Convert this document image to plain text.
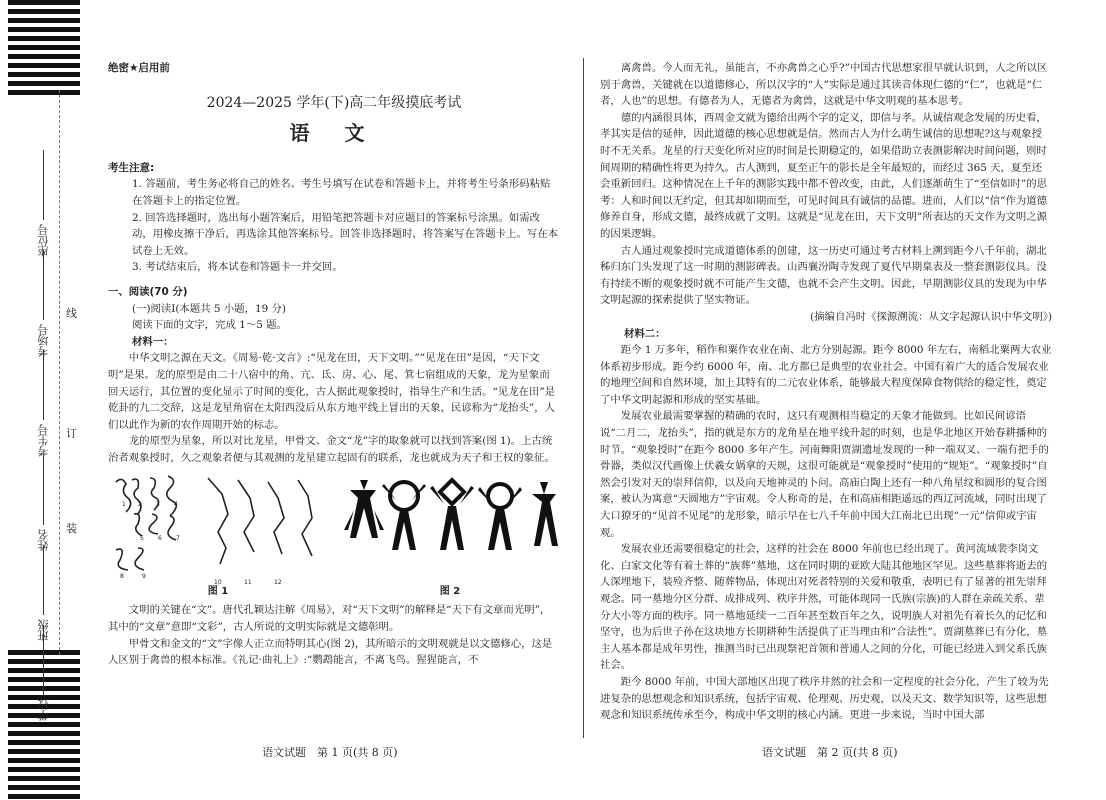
座位号
考场号
考生号
姓名
班级
学校
线
订
装
绝密★启用前
2024—2025 学年(下)高二年级摸底考试
语 文
考生注意:

1. 答题前，考生务必将自己的姓名、考生号填写在试卷和答题卡上，并将考生号条形码粘贴在答题卡上的指定位置。

2. 回答选择题时，选出每小题答案后，用铅笔把答题卡对应题目的答案标号涂黑。如需改动，用橡皮擦干净后，再选涂其他答案标号。回答非选择题时，将答案写在答题卡上。写在本试卷上无效。

3. 考试结束后，将本试卷和答题卡一并交回。

一、阅读(70 分)

(一)阅读Ⅰ(本题共 5 小题，19 分)

阅读下面的文字，完成 1～5 题。

材料一：

中华文明之源在天文。《周易·乾·文言》:“见龙在田，天下文明。”“见龙在田”是因，“天下文明”是果。龙的原型是由二十八宿中的角、亢、氐、房、心、尾、箕七宿组成的天象，龙为星象而回天运行，其位置的变化显示了时间的变化，古人据此观象授时，指导生产和生活。“见龙在田”是乾卦的九二交辞，这是龙星角宿在太阳西没后从东方地平线上冒出的天象，民谚称为“龙抬头”，人们以此作为新的农作周期开始的标志。

龙的原型为星象，所以对比龙星，甲骨文、金文“龙”字的取象就可以找到答案(图 1)。上古统治者观象授时，久之观象者便与其观测的龙星建立起固有的联系，龙也就成为天子和王权的象征。

1 2 3 4
5 6 7
8	9
10	11	12
图 1	图 2

文明的关键在“文”。唐代孔颖达注解《周易》，对“天下文明”的解释是“天下有文章而光明”，其中的“文章”意即“文彩”，古人所说的文明实际就是文德彰明。

甲骨文和金文的“文”字像人正立而特明其心(图 2)，其所暗示的文明观就是以文德修心，这是人区别于禽兽的根本标准。《礼记·曲礼上》:“鹦鹉能言，不离飞鸟。猩猩能言，不

离禽兽。今人而无礼，虽能言，不亦禽兽之心乎?”中国古代思想家很早就认识到，人之所以区别于禽兽，关键就在以道德修心，所以汉字的“人”实际是通过其读音体现仁德的“仁”，也就是“仁者，人也”的思想。有德者为人，无德者为禽兽，这就是中华文明观的基本思考。

德的内涵很具体，西周金文就为德给出两个字的定义，即信与孝。从诚信观念发展的历史看，孝其实是信的延伸，因此道德的核心思想就是信。然而古人为什么萌生诚信的思想呢?这与观象授时不无关系。龙星的行天变化所对应的时间是长期稳定的，如果借助立表测影解决时间问题，则时间周期的精确性将更为持久。古人测到，夏至正午的影长是全年最短的，而经过 365 天，夏至还会重新回归。这种情况在上千年的测影实践中都不曾改变，由此，人们逐渐萌生了“至信如时”的思考：人和时间以无约定，但其却如期而至，可见时间具有诚信的品德。进而，人们以“信”作为道德修养自身，形成文德，最终成就了文明。这就是“见龙在田，天下文明”所表达的天文作为文明之源的因果逻辑。

古人通过观象授时完成道德体系的创建，这一历史可通过考古材料上溯到距今八千年前，湖北秭归东门头发现了这一时期的测影碑表。山西襄汾陶寺发现了夏代早期臬表及一整套测影仪具。没有持续不断的观象授时就不可能产生文德，也就不会产生文明。因此，早期测影仪具的发现为中华文明起源的探索提供了坚实物证。

(摘编自冯时《探源溯流：从文字起源认识中华文明》)

材料二：

距今 1 万多年，稻作和粟作农业在南、北方分别起源。距今 8000 年左右，南稻北粟两大农业体系初步形成。距今约 6000 年，南、北方都已是典型的农业社会。中国有着广大的适合发展农业的地理空间和自然环境，加上其特有的二元农业体系，能够最大程度保障食物供给的稳定性，奠定了中华文明起源和形成的坚实基础。

发展农业最需要掌握的精确的农时，这只有观测相当稳定的天象才能做到。比如民间谚语说“二月二，龙抬头”，指的就是东方的龙角星在地平线升起的时刻，也是华北地区开始春耕播种的时节。“观象授时”在距今 8000 多年产生。河南舞阳贾湖遗址发现的一种一端双叉、一端有把手的骨器，类似汉代画像上伏羲女娲拿的天规，这很可能就是“观象授时”使用的“规矩”。“观象授时”自然会引发对天的崇拜信仰，以及向天地神灵的卜问。高庙白陶上还有一种八角星纹和圆形的复合图案，被认为寓意“天圆地方”宇宙观。令人称奇的是，在和高庙相距遥远的西辽河流域，同时出现了大口獠牙的“见首不见尾”的龙形象，暗示早在七八千年前中国大江南北已出现“一元”信仰或宇宙观。

发展农业还需要很稳定的社会，这样的社会在 8000 年前也已经出现了。黄河流域裴李岗文化、白家文化等有着土葬的“族葬”墓地，这在同时期的亚欧大陆其他地区罕见。这些墓葬将逝去的人深埋地下，装殓齐整、随葬物品，体现出对死者特别的关爱和敬重，表明已有了显著的祖先崇拜观念。同一墓地分区分群、成排成列、秩序井然，可能体现同一氏族(宗族)的人群在亲疏关系、辈分大小等方面的秩序。同一墓地延续一二百年甚至数百年之久，说明族人对祖先有着长久的记忆和坚守，也为后世子孙在这块地方长期耕种生活提供了正当理由和“合法性”。贾湖墓葬已有分化，墓主人基本都是成年男性，推测当时已出现祭祀首领和普通人之间的分化，可能已经进入到父系氏族社会。

距今 8000 年前，中国大部地区出现了秩序井然的社会和一定程度的社会分化，产生了较为先进复杂的思想观念和知识系统，包括宇宙观、伦理观、历史观，以及天文、数学知识等，这些思想观念和知识系统传承至今，构成中华文明的核心内涵。更进一步来说，当时中国大部

语文试题　第 1 页(共 8 页)	语文试题　第 2 页(共 8 页)
